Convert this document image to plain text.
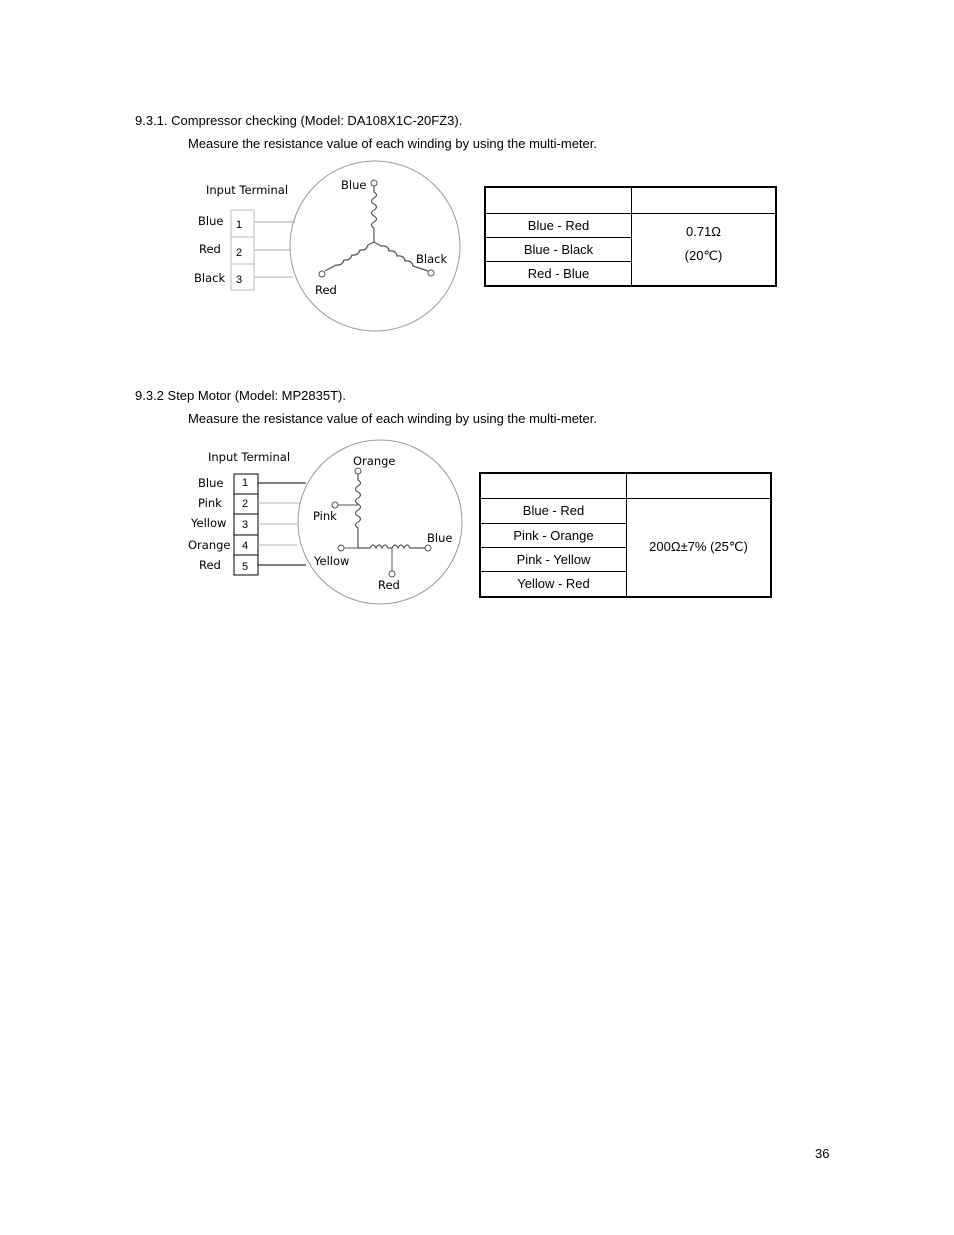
9.3.1. Compressor checking (Model: DA108X1C-20FZ3).
Measure the resistance value of each winding by using the multi-meter.
Input Terminal
Blue
Red
Black
1
2
3
Blue
Black
Red
Input Terminal
Blue
Pink
Yellow
Orange
Red
1
2
3
4
5
Orange
Pink
Blue
Yellow
Red

Blue - Red	0.71Ω
(20℃)

Blue - Black	
Red - Blue	
9.3.2 Step Motor (Model: MP2835T).
Measure the resistance value of each winding by using the multi-meter.

Blue - Red	200Ω±7% (25℃)
Pink - Orange	
Pink - Yellow	
Yellow - Red	
36
